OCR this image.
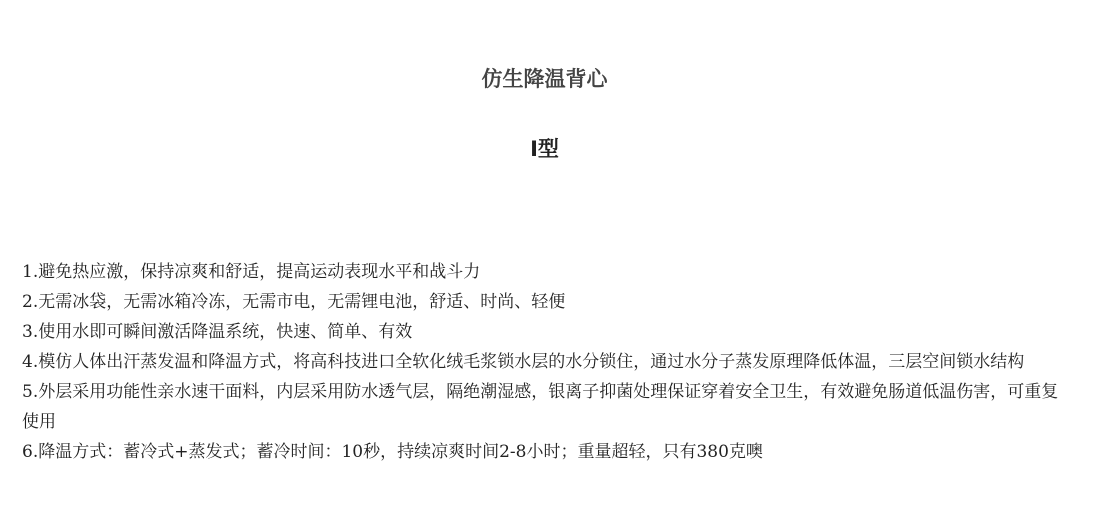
仿生降温背心
I型
1.避免热应激，保持凉爽和舒适，提高运动表现水平和战斗力
2.无需冰袋，无需冰箱冷冻，无需市电，无需锂电池，舒适、时尚、轻便
3.使用水即可瞬间激活降温系统，快速、简单、有效
4.模仿人体出汗蒸发温和降温方式，将高科技进口全软化绒毛浆锁水层的水分锁住，通过水分子蒸发原理降低体温，三层空间锁水结构
5.外层采用功能性亲水速干面料，内层采用防水透气层，隔绝潮湿感，银离子抑菌处理保证穿着安全卫生，有效避免肠道低温伤害，可重复使用
6.降温方式：蓄冷式+蒸发式；蓄冷时间：10秒，持续凉爽时间2-8小时；重量超轻，只有380克噢
